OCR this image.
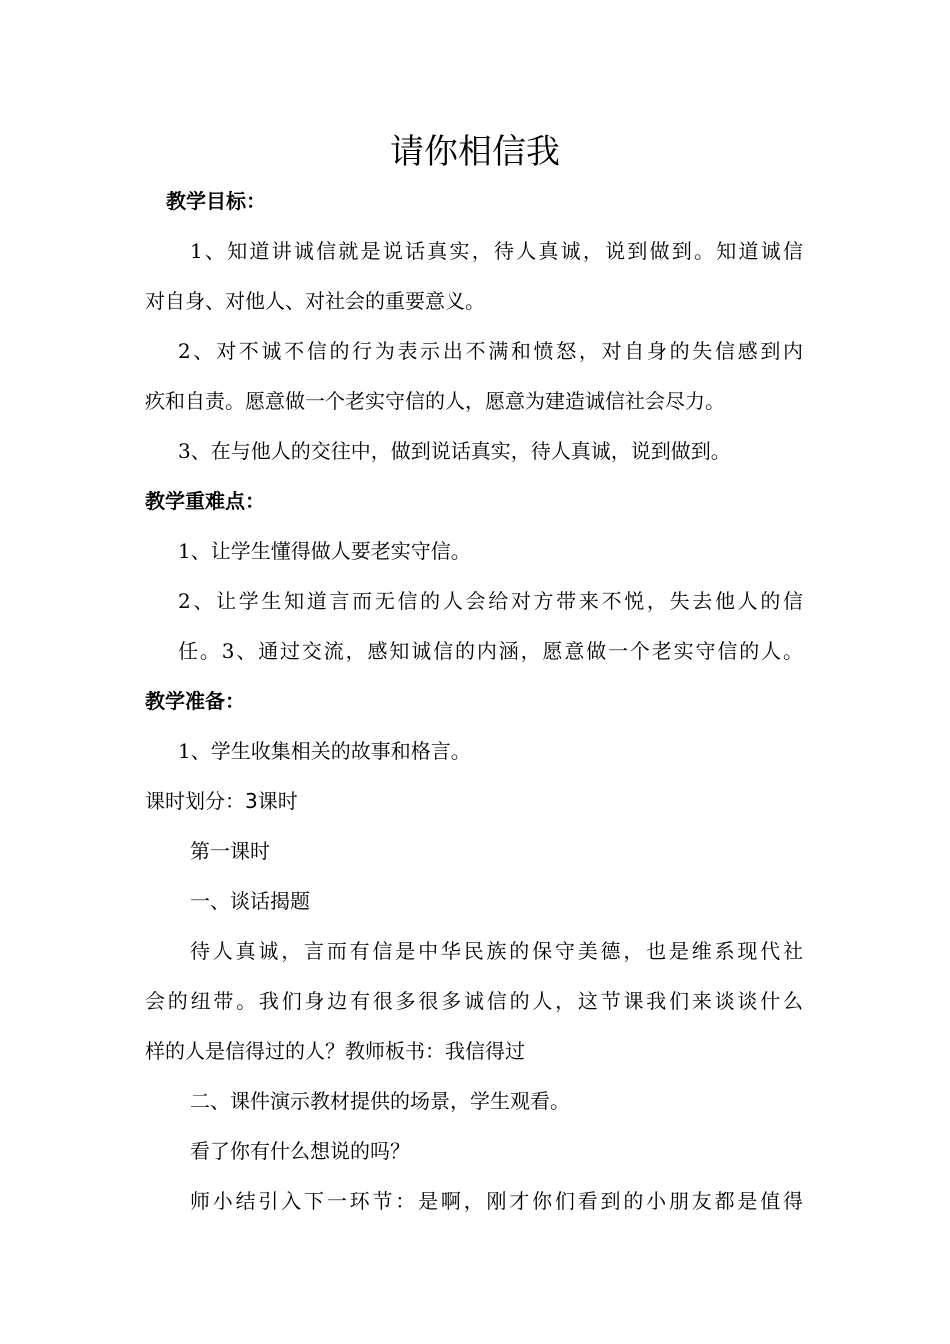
请你相信我
教学目标：
1、知道讲诚信就是说话真实，待人真诚，说到做到。知道诚信
对自身、对他人、对社会的重要意义。
2、对不诚不信的行为表示出不满和愤怒，对自身的失信感到内
疚和自责。愿意做一个老实守信的人，愿意为建造诚信社会尽力。
3、在与他人的交往中，做到说话真实，待人真诚，说到做到。
教学重难点：
1、让学生懂得做人要老实守信。
2、让学生知道言而无信的人会给对方带来不悦，失去他人的信
任。3、通过交流，感知诚信的内涵，愿意做一个老实守信的人。
教学准备：
1、学生收集相关的故事和格言。
课时划分：3课时
第一课时
一、谈话揭题
待人真诚，言而有信是中华民族的保守美德，也是维系现代社
会的纽带。我们身边有很多很多诚信的人，这节课我们来谈谈什么
样的人是信得过的人？教师板书：我信得过
二、课件演示教材提供的场景，学生观看。
看了你有什么想说的吗？
师小结引入下一环节：是啊，刚才你们看到的小朋友都是值得
